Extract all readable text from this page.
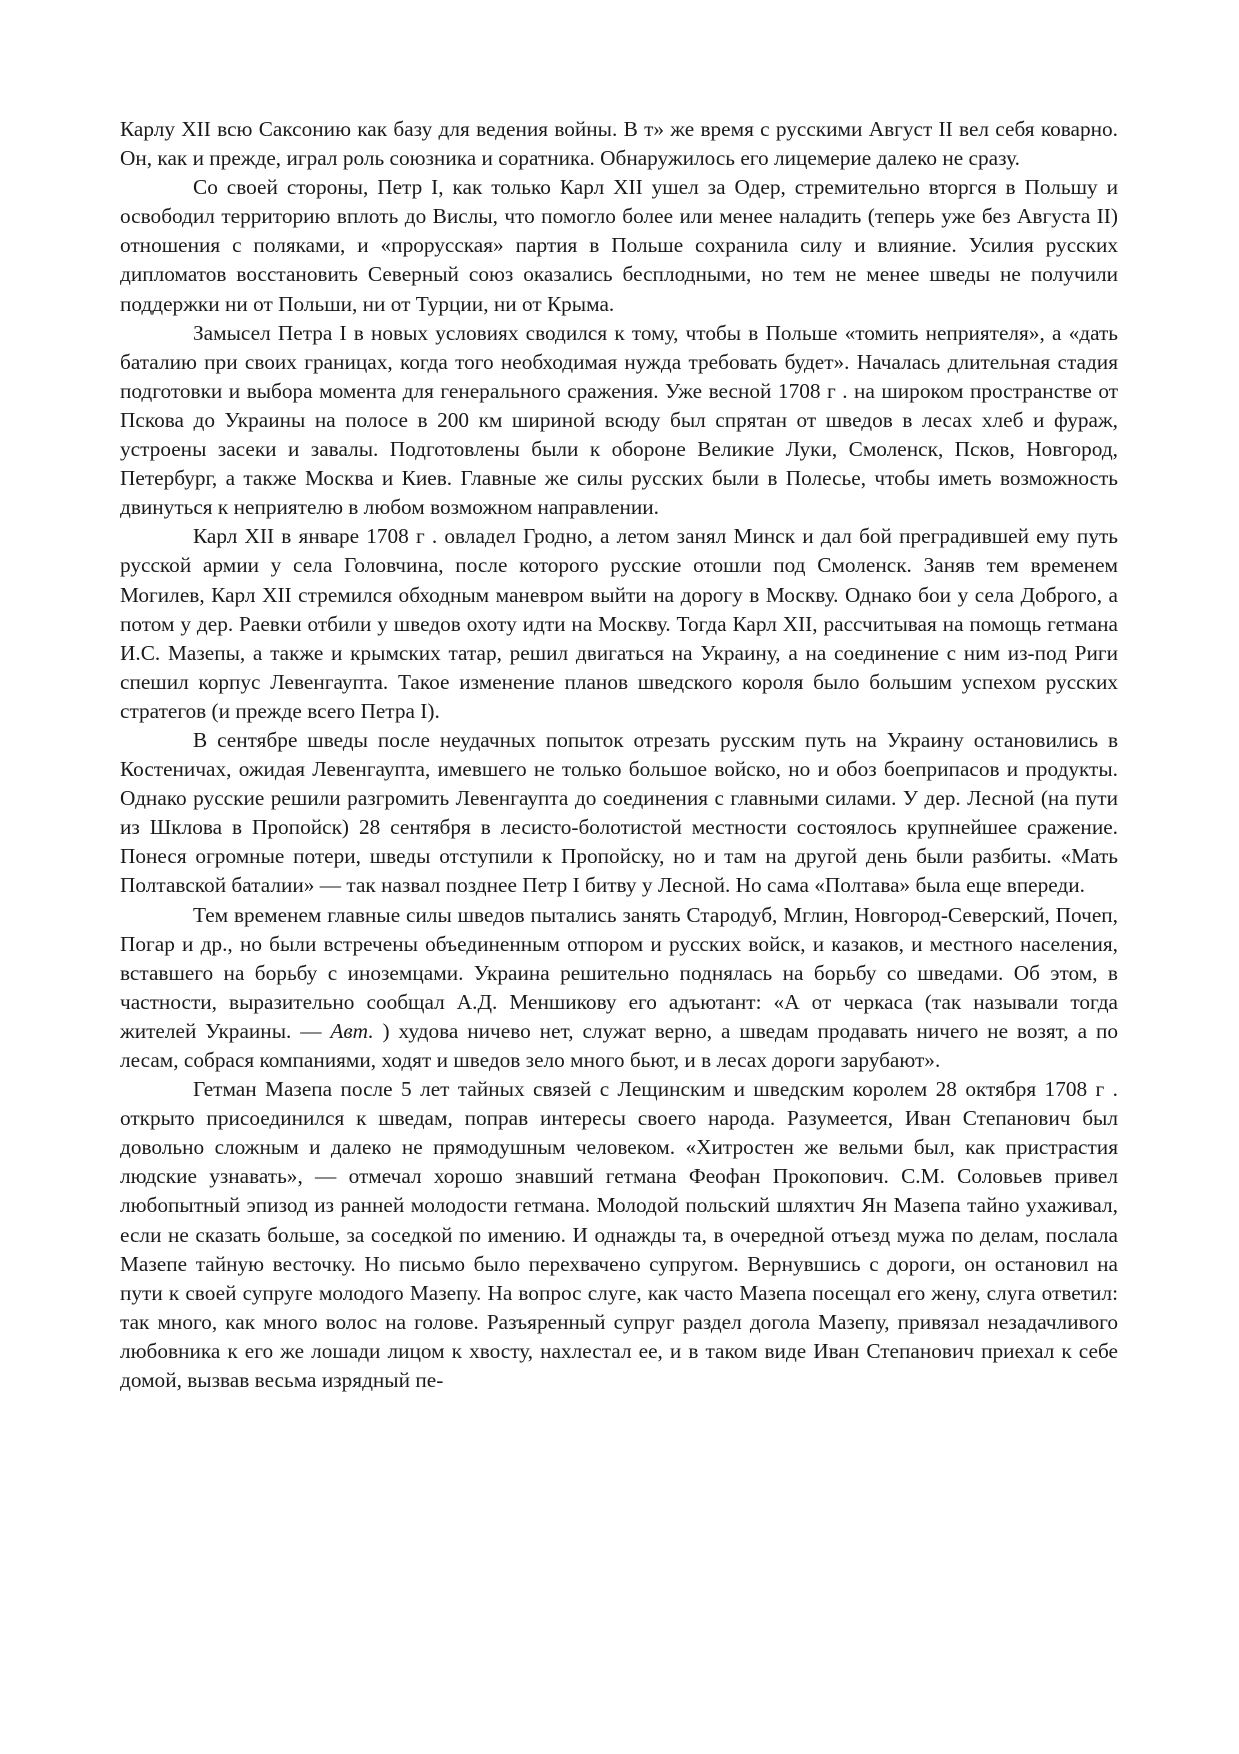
Карлу XII всю Саксонию как базу для ведения войны. В т» же время с русскими Август II вел себя коварно. Он, как и прежде, играл роль союзника и соратника. Обнаружилось его лицемерие далеко не сразу.

Со своей стороны, Петр I, как только Карл XII ушел за Одер, стремительно вторгся в Польшу и освободил территорию вплоть до Вислы, что помогло более или менее наладить (теперь уже без Августа II) отношения с поляками, и «прорусская» партия в Польше сохранила силу и влияние. Усилия русских дипломатов восстановить Северный союз оказались бесплодными, но тем не менее шведы не получили поддержки ни от Польши, ни от Турции, ни от Крыма.

Замысел Петра I в новых условиях сводился к тому, чтобы в Польше «томить неприятеля», а «дать баталию при своих границах, когда того необходимая нужда требовать будет». Началась длительная стадия подготовки и выбора момента для генерального сражения. Уже весной 1708 г . на широком пространстве от Пскова до Украины на полосе в 200 км шириной всюду был спрятан от шведов в лесах хлеб и фураж, устроены засеки и завалы. Подготовлены были к обороне Великие Луки, Смоленск, Псков, Новгород, Петербург, а также Москва и Киев. Главные же силы русских были в Полесье, чтобы иметь возможность двинуться к неприятелю в любом возможном направлении.

Карл XII в январе 1708 г . овладел Гродно, а летом занял Минск и дал бой преградившей ему путь русской армии у села Головчина, после которого русские отошли под Смоленск. Заняв тем временем Могилев, Карл XII стремился обходным маневром выйти на дорогу в Москву. Однако бои у села Доброго, а потом у дер. Раевки отбили у шведов охоту идти на Москву. Тогда Карл XII, рассчитывая на помощь гетмана И.С. Мазепы, а также и крымских татар, решил двигаться на Украину, а на соединение с ним из-под Риги спешил корпус Левенгаупта. Такое изменение планов шведского короля было большим успехом русских стратегов (и прежде всего Петра I).

В сентябре шведы после неудачных попыток отрезать русским путь на Украину остановились в Костеничах, ожидая Левенгаупта, имевшего не только большое войско, но и обоз боеприпасов и продукты. Однако русские решили разгромить Левенгаупта до соединения с главными силами. У дер. Лесной (на пути из Шклова в Пропойск) 28 сентября в лесисто-болотистой местности состоялось крупнейшее сражение. Понеся огромные потери, шведы отступили к Пропойску, но и там на другой день были разбиты. «Мать Полтавской баталии» — так назвал позднее Петр I битву у Лесной. Но сама «Полтава» была еще впереди.

Тем временем главные силы шведов пытались занять Стародуб, Мглин, Новгород-Северский, Почеп, Погар и др., но были встречены объединенным отпором и русских войск, и казаков, и местного населения, вставшего на борьбу с иноземцами. Украина решительно поднялась на борьбу со шведами. Об этом, в частности, выразительно сообщал А.Д. Меншикову его адъютант: «А от черкаса (так называли тогда жителей Украины. — Авт. ) худова ничево нет, служат верно, а шведам продавать ничего не возят, а по лесам, собрася компаниями, ходят и шведов зело много бьют, и в лесах дороги зарубают».

Гетман Мазепа после 5 лет тайных связей с Лещинским и шведским королем 28 октября 1708 г . открыто присоединился к шведам, поправ интересы своего народа. Разумеется, Иван Степанович был довольно сложным и далеко не прямодушным человеком. «Хитростен же вельми был, как пристрастия людские узнавать», — отмечал хорошо знавший гетмана Феофан Прокопович. С.М. Соловьев привел любопытный эпизод из ранней молодости гетмана. Молодой польский шляхтич Ян Мазепа тайно ухаживал, если не сказать больше, за соседкой по имению. И однажды та, в очередной отъезд мужа по делам, послала Мазепе тайную весточку. Но письмо было перехвачено супругом. Вернувшись с дороги, он остановил на пути к своей супруге молодого Мазепу. На вопрос слуге, как часто Мазепа посещал его жену, слуга ответил: так много, как много волос на голове. Разъяренный супруг раздел догола Мазепу, привязал незадачливого любовника к его же лошади лицом к хвосту, нахлестал ее, и в таком виде Иван Степанович приехал к себе домой, вызвав весьма изрядный пе-
